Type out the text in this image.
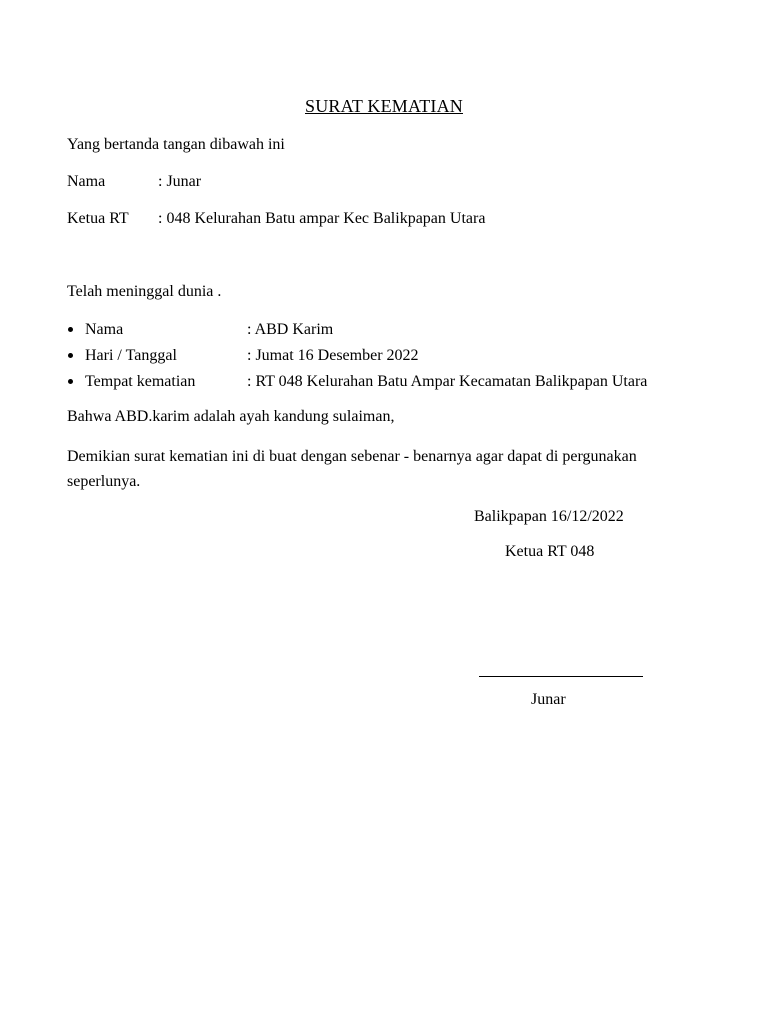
SURAT KEMATIAN
Yang bertanda tangan dibawah ini
Nama	: Junar
Ketua RT : 048 Kelurahan Batu ampar Kec Balikpapan Utara
Telah meninggal dunia .
Nama	: ABD Karim
Hari / Tanggal	: Jumat 16 Desember 2022
Tempat kematian	: RT 048 Kelurahan Batu Ampar Kecamatan Balikpapan Utara
Bahwa ABD.karim adalah ayah kandung sulaiman,
Demikian surat kematian ini di buat dengan sebenar - benarnya agar dapat di pergunakan seperlunya.
Balikpapan 16/12/2022
Ketua RT 048
Junar
